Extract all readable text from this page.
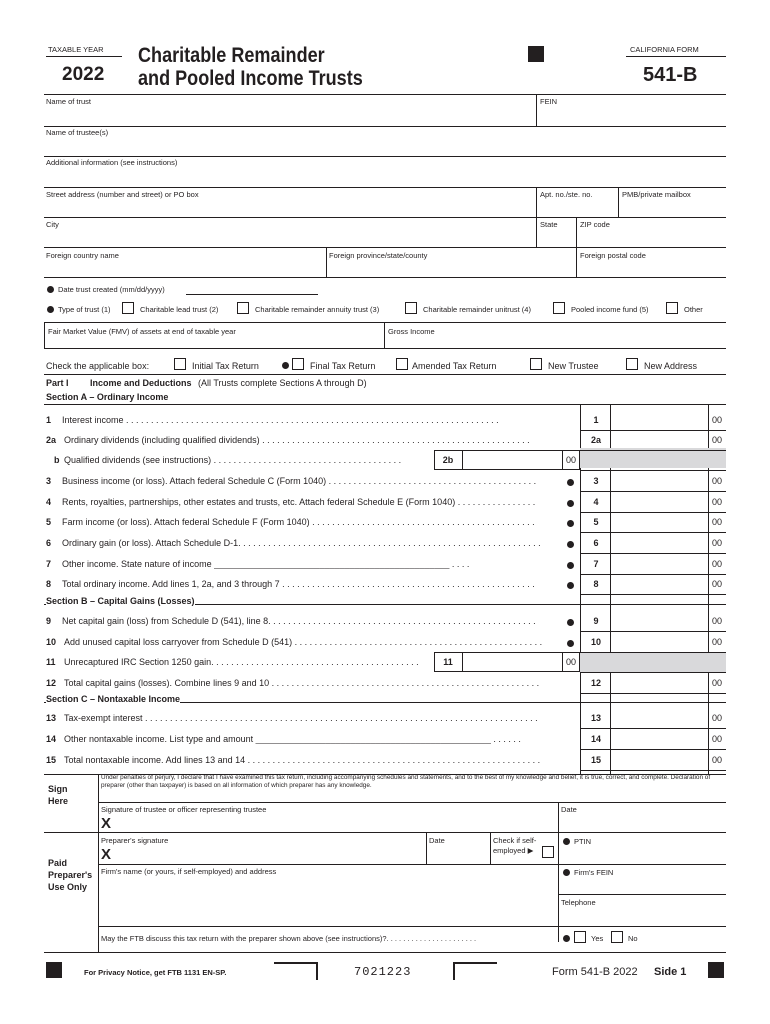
TAXABLE YEAR
2022
Charitable Remainder
and Pooled Income Trusts
CALIFORNIA FORM
541-B
Name of trust	FEIN
Name of trustee(s)
Additional information (see instructions)
Street address (number and street) or PO box	Apt. no./ste. no.	PMB/private mailbox
City	State	ZIP code
Foreign country name	Foreign province/state/county	Foreign postal code
Date trust created (mm/dd/yyyy)
Type of trust (1)	Charitable lead trust (2)	Charitable remainder annuity trust (3)	Charitable remainder unitrust (4)	Pooled income fund (5)	Other
Fair Market Value (FMV) of assets at end of taxable year	Gross Income
Check the applicable box:	Initial Tax Return	Final Tax Return	Amended Tax Return	New Trustee	New Address
Part I Income and Deductions (All Trusts complete Sections A through D)
Section A – Ordinary Income
1 Interest income . . . . . . . . . . . . . . . . . . . . . . . . . . . . . . . . . . . . . . . . . . . . . . . . . . . . . . . . . . . . . . . . . . . . . . . . . . .	1	00
2a Ordinary dividends (including qualified dividends) . . . . . . . . . . . . . . . . . . . . . . . . . . . . . . . . . . . . . . . . . . . . . . . . . . . . . .	2a	00
b Qualified dividends (see instructions) . . . . . . . . . . . . . . . . . . . . . . . . . . . . . . . . . . . . . .	2b	00
3 Business income (or loss). Attach federal Schedule C (Form 1040) . . . . . . . . . . . . . . . . . . . . . . . . . . . . . . . . . . . . . . . . . .	3	00
4 Rents, royalties, partnerships, other estates and trusts, etc. Attach federal Schedule E (Form 1040) . . . . . . . . . . . . . . . .	4	00
5 Farm income (or loss). Attach federal Schedule F (Form 1040) . . . . . . . . . . . . . . . . . . . . . . . . . . . . . . . . . . . . . . . . . . . . .	5	00
6 Ordinary gain (or loss). Attach Schedule D-1. . . . . . . . . . . . . . . . . . . . . . . . . . . . . . . . . . . . . . . . . . . . . . . . . . . . . . . . . . . . .	6	00
7 Other income. State nature of income _______________________________________________ . . . .	7	00
8 Total ordinary income. Add lines 1, 2a, and 3 through 7 . . . . . . . . . . . . . . . . . . . . . . . . . . . . . . . . . . . . . . . . . . . . . . . . . . .	8	00
9 Net capital gain (loss) from Schedule D (541), line 8. . . . . . . . . . . . . . . . . . . . . . . . . . . . . . . . . . . . . . . . . . . . . . . . . . . . . .	9	00
10 Add unused capital loss carryover from Schedule D (541) . . . . . . . . . . . . . . . . . . . . . . . . . . . . . . . . . . . . . . . . . . . . . . . . . .	10	00
11 Unrecaptured IRC Section 1250 gain. . . . . . . . . . . . . . . . . . . . . . . . . . . . . . . . . . . . . . . . . .	11	00
12 Total capital gains (losses). Combine lines 9 and 10 . . . . . . . . . . . . . . . . . . . . . . . . . . . . . . . . . . . . . . . . . . . . . . . . . . . . . .	12	00
13 Tax-exempt interest . . . . . . . . . . . . . . . . . . . . . . . . . . . . . . . . . . . . . . . . . . . . . . . . . . . . . . . . . . . . . . . . . . . . . . . . . . . . . . .	13	00
14 Other nontaxable income. List type and amount _______________________________________________ . . . . . .	14	00
15 Total nontaxable income. Add lines 13 and 14 . . . . . . . . . . . . . . . . . . . . . . . . . . . . . . . . . . . . . . . . . . . . . . . . . . . . . . . . . . .	15	00
Section B – Capital Gains (Losses)
Section C – Nontaxable Income
Sign
Here
Under penalties of perjury, I declare that I have examined this tax return, including accompanying schedules and statements, and to the best of my knowledge and belief, it is true, correct, and complete. Declaration of preparer (other than taxpayer) is based on all information of which preparer has any knowledge.
Signature of trustee or officer representing trustee
X
Date
Preparer's signature
X
Date	Check if self-
employed ▶
PTIN
Paid
Preparer's
Use Only
Firm's name (or yours, if self-employed) and address	Firm's FEIN
Telephone
May the FTB discuss this tax return with the preparer shown above (see instructions)?. . . . . . . . . . . . . . . . . . . . . .	Yes	No
For Privacy Notice, get FTB 1131 EN-SP.	7021223	Form 541-B 2022 Side 1
